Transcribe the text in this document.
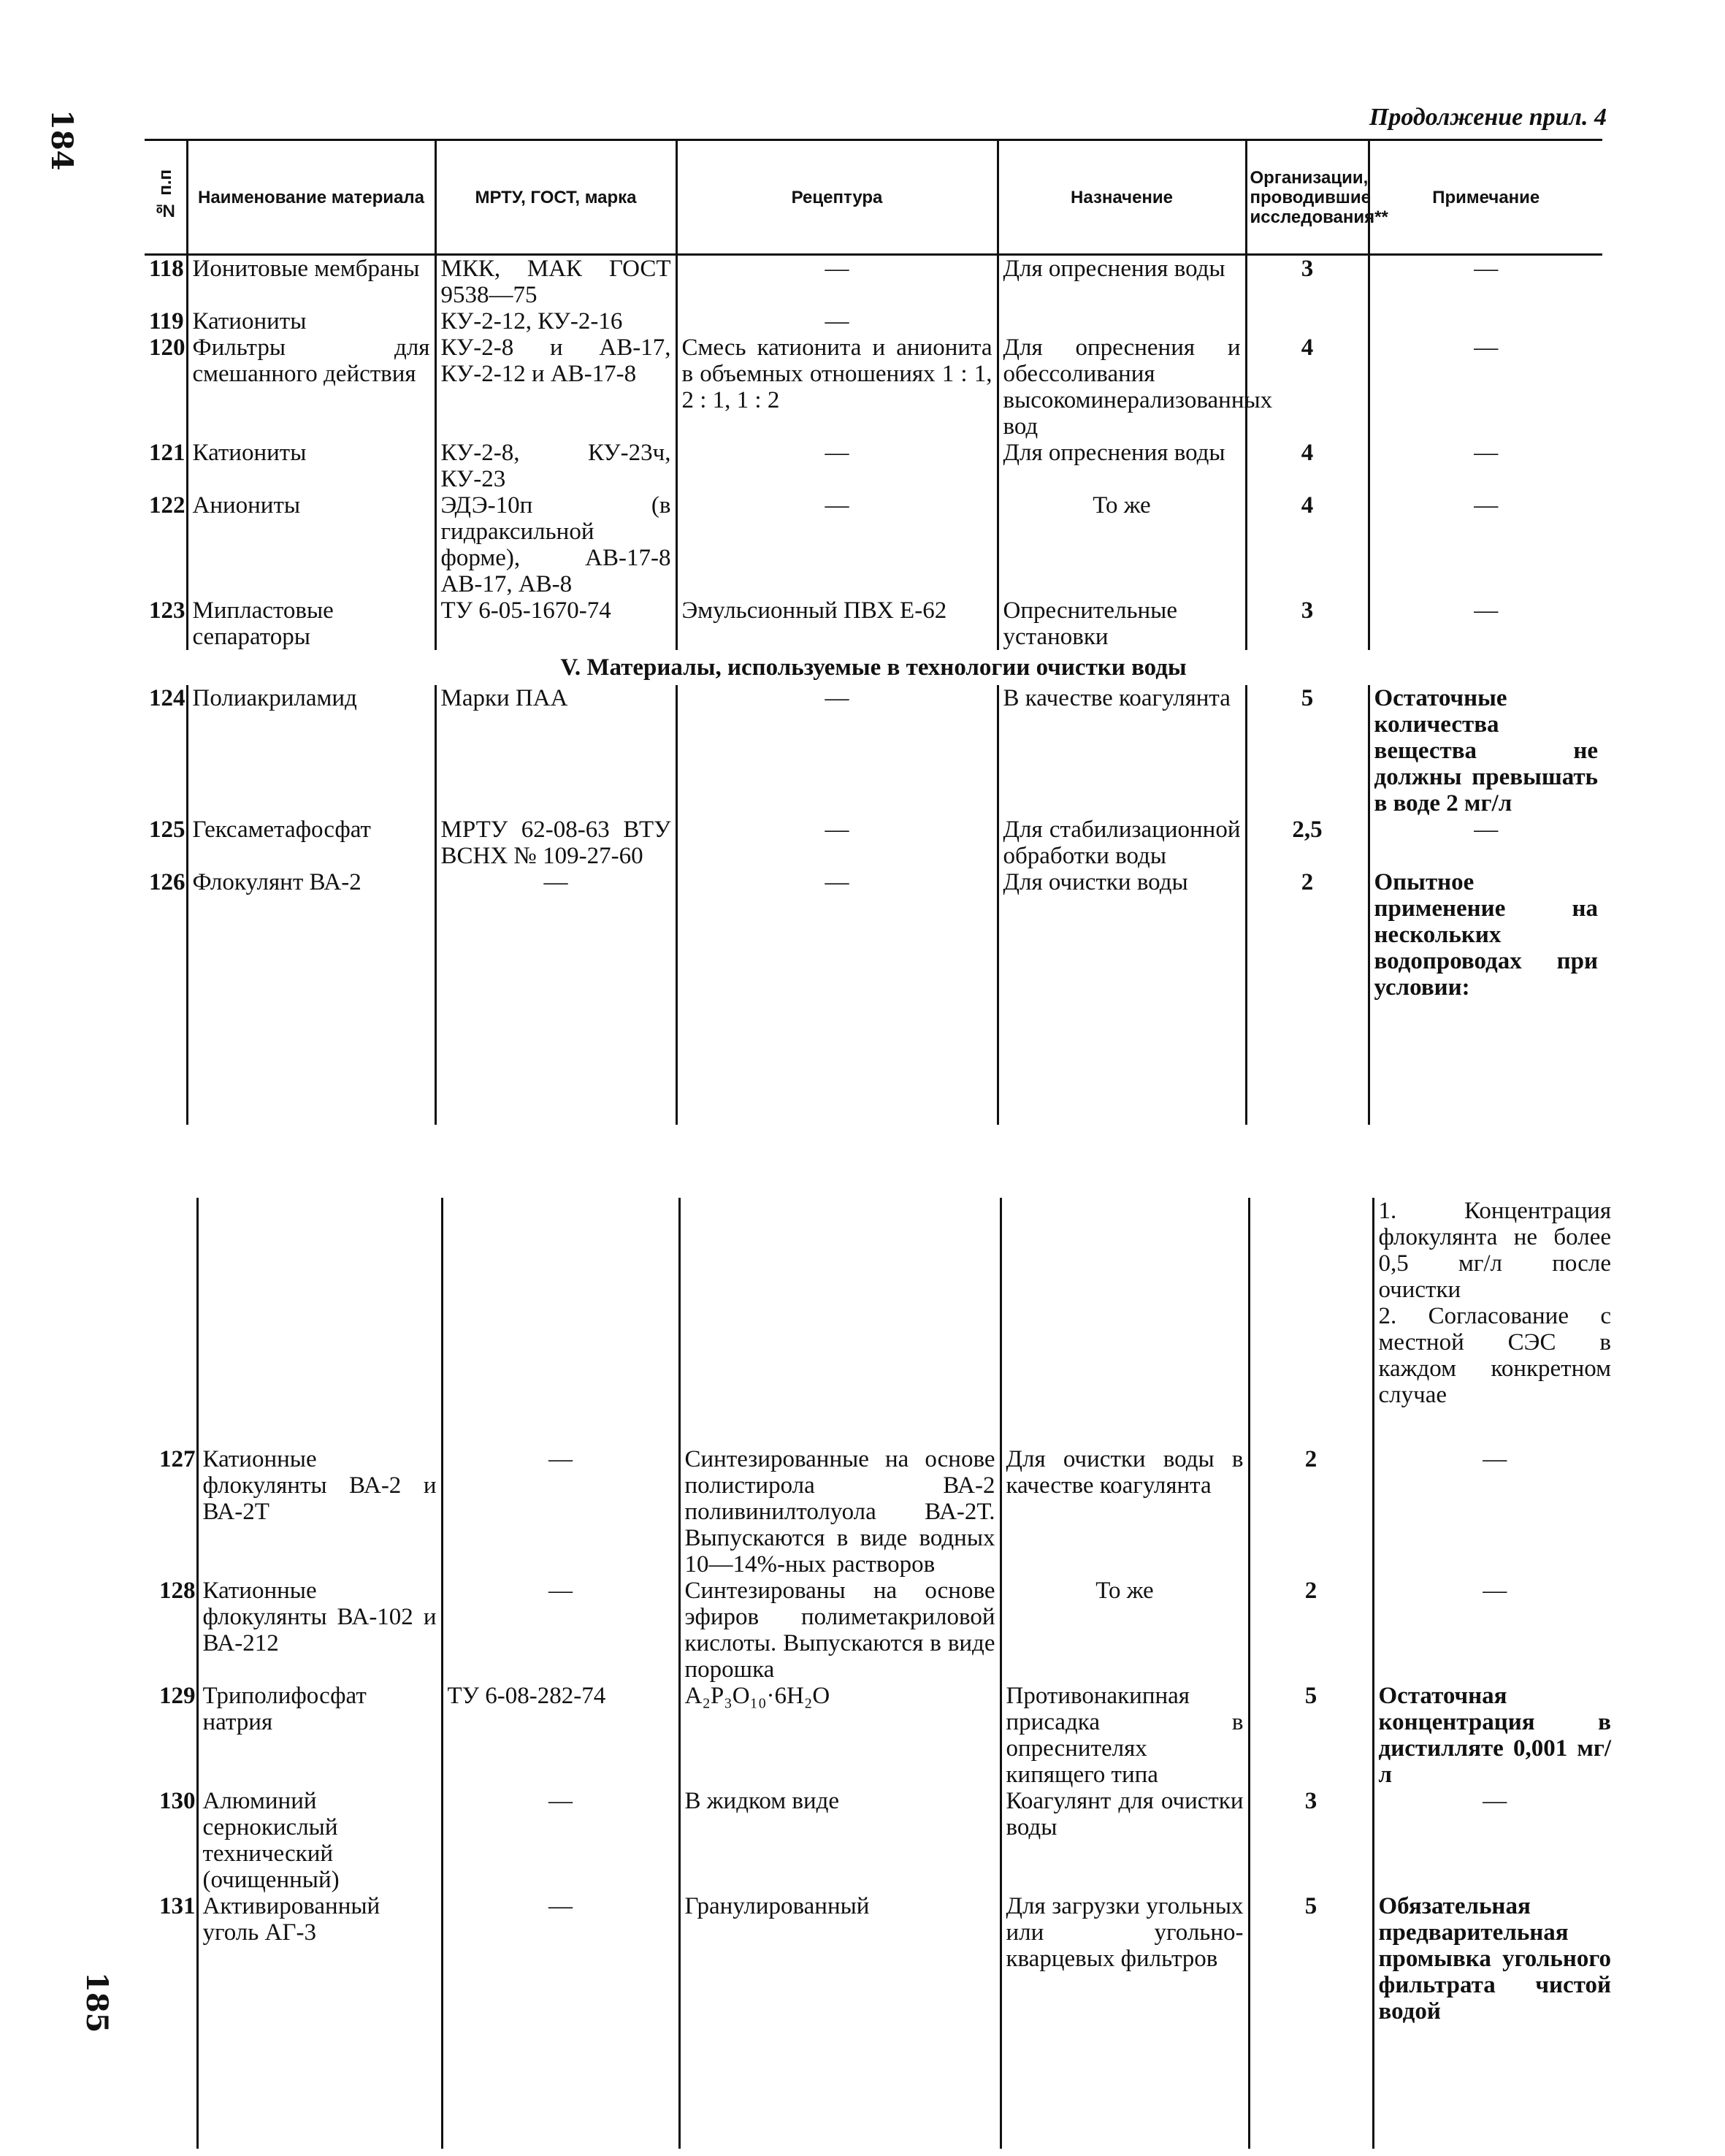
184	Продолжение прил. 4
№ п.п	Наименование материала	МРТУ, ГОСТ, марка	Рецептура	Назначение	Организации, проводившие исследования**	Примечание
118	Ионитовые мембраны	МКК, МАК ГОСТ 9538—75	—	Для опреснения воды	3	—
119	Катиониты	КУ-2-12, КУ-2-16	—			
120	Фильтры для смешанного действия	КУ-2-8 и АВ-17, КУ-2-12 и АВ-17-8	Смесь катионита и анионита в объемных отношениях 1 : 1, 2 : 1, 1 : 2	Для опреснения и обессоливания высокоминерализованных вод	4	—
121	Катиониты	КУ-2-8, КУ-23ч, КУ-23	—	Для опреснения воды	4	—
122	Аниониты	ЭДЭ-10п (в гидраксильной форме), АВ-17-8 АВ-17, АВ-8	—	То же	4	—
123	Мипластовые сепараторы	ТУ 6-05-1670-74	Эмульсионный ПВХ Е-62	Опреснительные установки	3	—
V. Материалы, используемые в технологии очистки воды						
124	Полиакриламид	Марки ПАА	—	В качестве коагулянта	5	Остаточные количества вещества не должны превышать в воде 2 мг/л
125	Гексаметафосфат	МРТУ 62-08-63 ВТУ ВСНХ № 109-27-60	—	Для стабилизационной обработки воды	2,5	—
126	Флокулянт ВА-2	—	—	Для очистки воды	2	Опытное применение на нескольких водопроводах при условии:

						1. Концентрация флокулянта не более 0,5 мг/л после очистки
2. Согласование с местной СЭС в каждом конкретном случае

127	Катионные флокулянты ВА-2 и ВА-2Т	—	Синтезированные на основе полистирола ВА-2 поливинилтолуола ВА-2Т. Выпускаются в виде водных 10—14%-ных растворов	Для очистки воды в качестве коагулянта	2	—
128	Катионные флокулянты ВА-102 и ВА-212	—	Синтезированы на основе эфиров полиметакриловой кислоты. Выпускаются в виде порошка	То же	2	—
129	Триполифосфат натрия	ТУ 6-08-282-74	A₂P₃O₁₀·6H₂O	Противонакипная присадка в опреснителях кипящего типа	5	Остаточная концентрация в дистилляте 0,001 мг/л
130	Алюминий сернокислый технический (очищенный)	—	В жидком виде	Коагулянт для очистки воды	3	—
131	Активированный уголь АГ-3	—	Гранулированный	Для загрузки угольных или угольно-кварцевых фильтров	5	Обязательная предварительная промывка угольного фильтрата чистой водой

185
